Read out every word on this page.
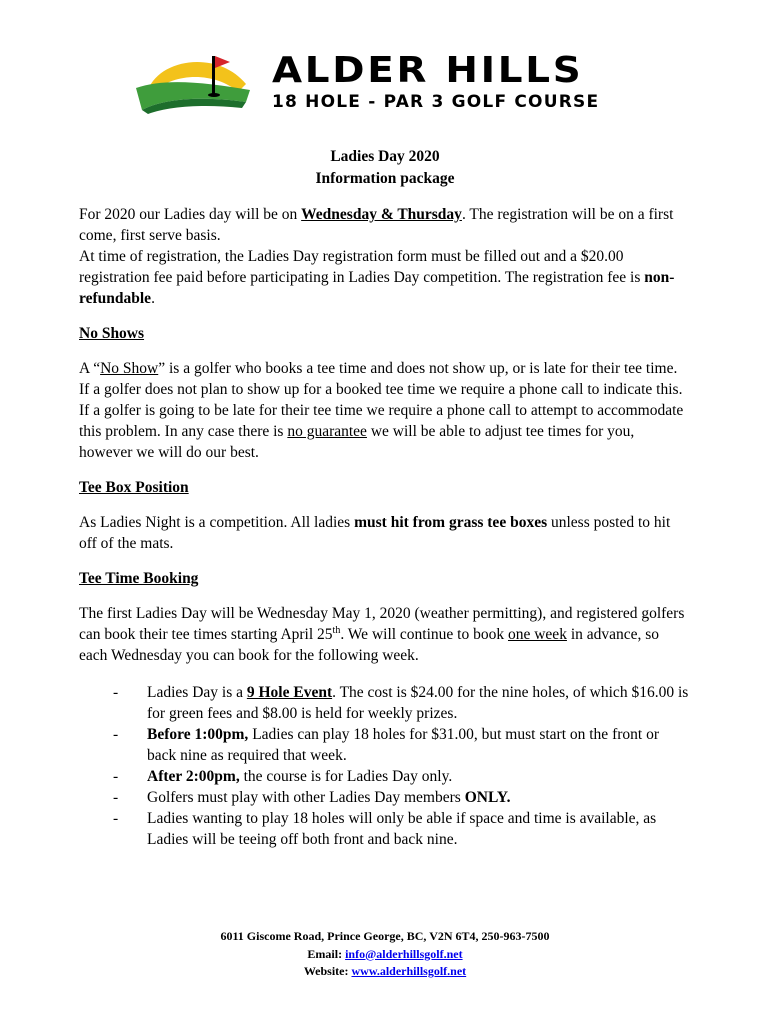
ALDER HILLS
18 HOLE - PAR 3 GOLF COURSE
Ladies Day 2020
Information package

For 2020 our Ladies day will be on Wednesday & Thursday. The registration will be on a first come, first serve basis.

At time of registration, the Ladies Day registration form must be filled out and a $20.00 registration fee paid before participating in Ladies Day competition. The registration fee is non-refundable.

No Shows

A “No Show” is a golfer who books a tee time and does not show up, or is late for their tee time. If a golfer does not plan to show up for a booked tee time we require a phone call to indicate this. If a golfer is going to be late for their tee time we require a phone call to attempt to accommodate this problem. In any case there is no guarantee we will be able to adjust tee times for you, however we will do our best.

Tee Box Position

As Ladies Night is a competition. All ladies must hit from grass tee boxes unless posted to hit off of the mats.

Tee Time Booking

The first Ladies Day will be Wednesday May 1, 2020 (weather permitting), and registered golfers can book their tee times starting April 25th. We will continue to book one week in advance, so each Wednesday you can book for the following week.

- Ladies Day is a 9 Hole Event. The cost is $24.00 for the nine holes, of which $16.00 is for green fees and $8.00 is held for weekly prizes.
- Before 1:00pm, Ladies can play 18 holes for $31.00, but must start on the front or back nine as required that week.
- After 2:00pm, the course is for Ladies Day only.
- Golfers must play with other Ladies Day members ONLY.
- Ladies wanting to play 18 holes will only be able if space and time is available, as Ladies will be teeing off both front and back nine.
6011 Giscome Road, Prince George, BC, V2N 6T4, 250-963-7500
Email: info@alderhillsgolf.net
Website: www.alderhillsgolf.net
